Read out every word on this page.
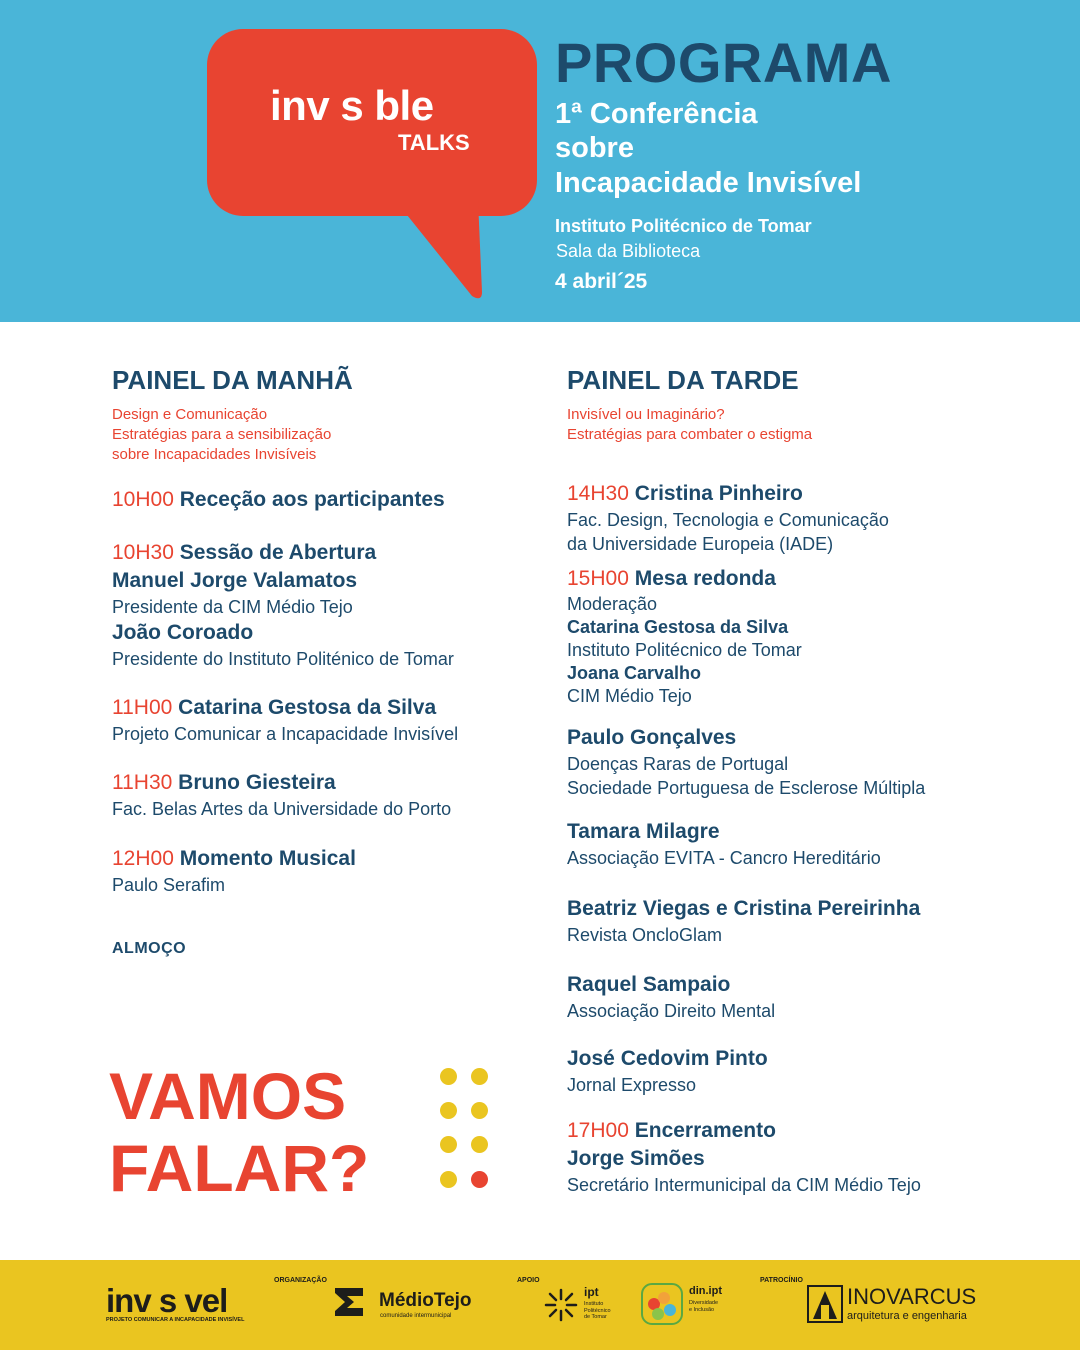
inv s ble
TALKS
PROGRAMA
1ª Conferência
sobre
Incapacidade Invisível
Instituto Politécnico de Tomar
Sala da Biblioteca
4 abril´25
PAINEL DA MANHÃ
Design e Comunicação
Estratégias para a sensibilização
sobre Incapacidades Invisíveis
10H00 Receção aos participantes
10H30 Sessão de Abertura
Manuel Jorge Valamatos
Presidente da CIM Médio Tejo
João Coroado
Presidente do Instituto Politénico de Tomar
11H00 Catarina Gestosa da Silva
Projeto Comunicar a Incapacidade Invisível
11H30 Bruno Giesteira
Fac. Belas Artes da Universidade do Porto
12H00 Momento Musical
Paulo Serafim
ALMOÇO
PAINEL DA TARDE
Invisível ou Imaginário?
Estratégias para combater o estigma
14H30 Cristina Pinheiro
Fac. Design, Tecnologia e Comunicação
da Universidade Europeia (IADE)
15H00 Mesa redonda
Moderação
Catarina Gestosa da Silva
Instituto Politécnico de Tomar
Joana Carvalho
CIM Médio Tejo
Paulo Gonçalves
Doenças Raras de Portugal
Sociedade Portuguesa de Esclerose Múltipla
Tamara Milagre
Associação EVITA - Cancro Hereditário
Beatriz Viegas e Cristina Pereirinha
Revista OncloGlam
Raquel Sampaio
Associação Direito Mental
José Cedovim Pinto
Jornal Expresso
17H00 Encerramento
Jorge Simões
Secretário Intermunicipal da CIM Médio Tejo
VAMOS
FALAR?
inv s vel
PROJETO COMUNICAR A INCAPACIDADE INVISÍVEL
ORGANIZAÇÃO
MédioTejo
comunidade intermunicipal
APOIO
ipt
Instituto
Politécnico
de Tomar
din.ipt
Diversidade
e Inclusão
PATROCÍNIO
INOVARCUS
arquitetura e engenharia
